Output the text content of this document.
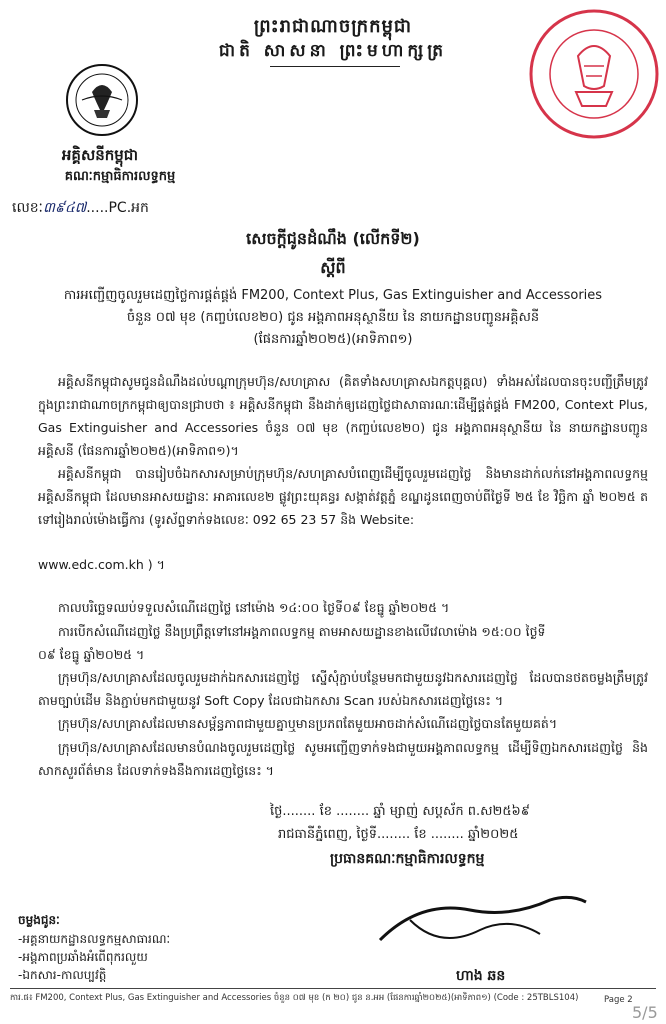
ព្រះរាជាណាចក្រកម្ពុជា
ជាតិ សាសនា ព្រះមហាក្សត្រ
អគ្គិសនីកម្ពុជា
គណៈកម្មាធិការលទ្ធកម្ម
លេខៈ៣៩៤៧.....PC.អក
សេចក្តីជូនដំណឹង (លើកទី២)
ស្តីពី
ការអញ្ជើញចូលរួមដេញថ្លៃការផ្គត់ផ្គង់ FM200, Context Plus, Gas Extinguisher and Accessories
ចំនួន ០៧ មុខ (កញ្ចប់លេខ២០) ជូន អង្គភាពអនុស្ថានីយ នៃ នាយកដ្ឋានបញ្ជូនអគ្គិសនី
(ផែនការឆ្នាំ២០២៥)(អាទិភាព១)
អគ្គិសនីកម្ពុជាសូមជូនដំណឹងដល់បណ្តាក្រុមហ៊ុន/សហគ្រាស (គិតទាំងសហគ្រាសឯកត្តបុគ្គល) ទាំងអស់ដែលបានចុះបញ្ជីត្រឹមត្រូវក្នុងព្រះរាជាណាចក្រកម្ពុជាឲ្យបានជ្រាបថា ៖ អគ្គិសនីកម្ពុជា នឹងដាក់ឲ្យដេញថ្លៃជាសាធារណៈដើម្បីផ្គត់ផ្គង់ FM200, Context Plus, Gas Extinguisher and Accessories ចំនួន ០៧ មុខ (កញ្ចប់លេខ២០) ជូន អង្គភាពអនុស្ថានីយ នៃ នាយកដ្ឋានបញ្ជូនអគ្គិសនី (ផែនការឆ្នាំ២០២៥)(អាទិភាព១)។
អគ្គិសនីកម្ពុជា បានរៀបចំឯកសារសម្រាប់ក្រុមហ៊ុន/សហគ្រាសបំពេញដើម្បីចូលរួមដេញថ្លៃ និងមានដាក់លក់នៅអង្គភាពលទ្ធកម្មអគ្គិសនីកម្ពុជា ដែលមានអាសយដ្ឋានៈ អាគារលេខ២ ផ្លូវព្រះយុគន្ធរ សង្កាត់វត្តភ្នំ ខណ្ឌដូនពេញចាប់ពីថ្ងៃទី ២៥ ខែ វិច្ឆិកា ឆ្នាំ ២០២៥ តទៅរៀងរាល់ម៉ោងធ្វើការ (ទូរស័ព្ទទាក់ទងលេខៈ 092 65 23 57 និង Website:
www.edc.com.kh ) ។
កាលបរិច្ឆេទឈប់ទទួលសំណើដេញថ្លៃ នៅម៉ោង ១៤:០០ ថ្ងៃទី០៩ ខែធ្នូ ឆ្នាំ២០២៥ ។
ការបើកសំណើដេញថ្លៃ នឹងប្រព្រឹត្តទៅនៅអង្គភាពលទ្ធកម្ម តាមអាសយដ្ឋានខាងលើវេលាម៉ោង ១៥:០០ ថ្ងៃទី
០៩ ខែធ្នូ ឆ្នាំ២០២៥ ។
ក្រុមហ៊ុន/សហគ្រាសដែលចូលរួមដាក់ឯកសារដេញថ្លៃ ស្នើសុំភ្ជាប់បន្ថែមមកជាមួយនូវឯកសារដេញថ្លៃ ដែលបានថតចម្លងត្រឹមត្រូវតាមច្បាប់ដើម និងភ្ជាប់មកជាមួយនូវ Soft Copy ដែលជាឯកសារ Scan របស់ឯកសារដេញថ្លៃនេះ ។
ក្រុមហ៊ុន/សហគ្រាសដែលមានសម្ព័ន្ធភាពជាមួយគ្នាឬមានប្រភពតែមួយអាចដាក់សំណើដេញថ្លៃបានតែមួយគត់។
ក្រុមហ៊ុន/សហគ្រាសដែលមានបំណងចូលរួមដេញថ្លៃ សូមអញ្ជើញទាក់ទងជាមួយអង្គភាពលទ្ធកម្ម ដើម្បីទិញឯកសារដេញថ្លៃ និងសាកសួរព័ត៌មាន ដែលទាក់ទងនឹងការដេញថ្លៃនេះ ។
ថ្ងៃ........ ខែ ........ ឆ្នាំ ម្សាញ់ សប្តស័ក ព.ស២៥៦៩
រាជធានីភ្នំពេញ, ថ្ងៃទី........ ខែ ........ ឆ្នាំ២០២៥
ប្រធានគណៈកម្មាធិការលទ្ធកម្ម
ហាង ឆន
ចម្លងជូនៈ
-អគ្គនាយកដ្ឋានលទ្ធកម្មសាធារណៈ
-អង្គភាពប្រឆាំងអំពើពុករលួយ
-ឯកសារ-កាលប្បវត្តិ
ការ.ផ៖ FM200, Context Plus, Gas Extinguisher and Accessories ចំនួន ០៧ មុខ (ក ២០) ជូន ន.អអ (ផែនការឆ្នាំ២០២៥)(អាទិភាព១) (Code : 25TBLS104)	Page 2
5/5
